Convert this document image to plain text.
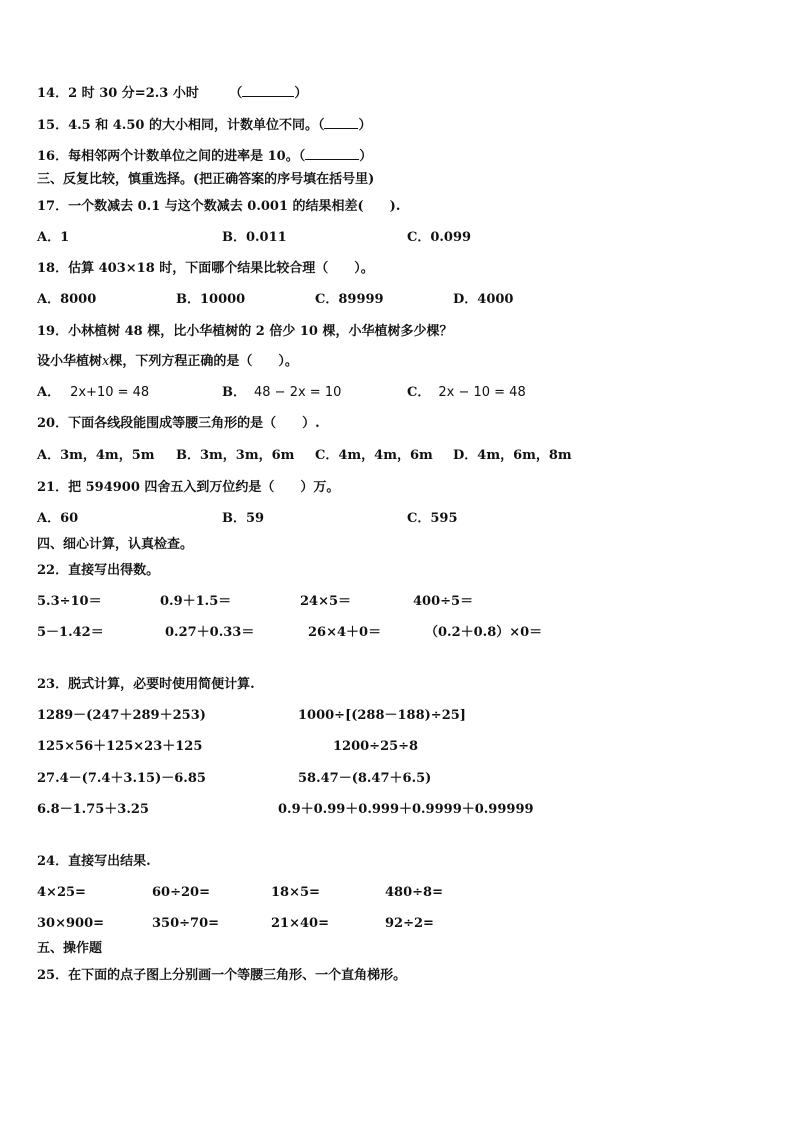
14．2 时 30 分=2.3 小时 （	）
15．4.5 和 4.50 的大小相同，计数单位不同。（	）
16．每相邻两个计数单位之间的进率是 10。（	）
三、反复比较，慎重选择。(把正确答案的序号填在括号里)
17．一个数减去 0.1 与这个数减去 0.001 的结果相差(　　).
A．1	B．0.011	C．0.099
18．估算 403×18 时，下面哪个结果比较合理（　　）。
A．8000	B．10000	C．89999	D．4000
19．小林植树 48 棵，比小华植树的 2 倍少 10 棵，小华植树多少棵？
设小华植树x棵，下列方程正确的是（　　）。
A． 2x+10 = 48	B． 48 − 2x = 10	C． 2x − 10 = 48
20．下面各线段能围成等腰三角形的是（　　）.
A．3m，4m，5m B．3m，3m，6m C．4m，4m，6m D．4m，6m，8m
21．把 594900 四舍五入到万位约是（　　）万。
A．60	B．59	C．595
四、细心计算，认真检查。
22．直接写出得数。
5.3÷10＝	0.9＋1.5＝	24×5＝	400÷5＝
5－1.42＝	0.27＋0.33＝	26×4＋0＝	（0.2＋0.8）×0＝
23．脱式计算，必要时使用简便计算.
1289－(247＋289＋253)	1000÷[(288－188)÷25]
125×56＋125×23＋125	1200÷25÷8
27.4－(7.4＋3.15)－6.85	58.47－(8.47＋6.5)
6.8－1.75＋3.25	0.9＋0.99＋0.999＋0.9999＋0.99999
24．直接写出结果.
4×25=	60÷20=	18×5=	480÷8=
30×900=	350÷70=	21×40=	92÷2=
五、操作题
25．在下面的点子图上分别画一个等腰三角形、一个直角梯形。
